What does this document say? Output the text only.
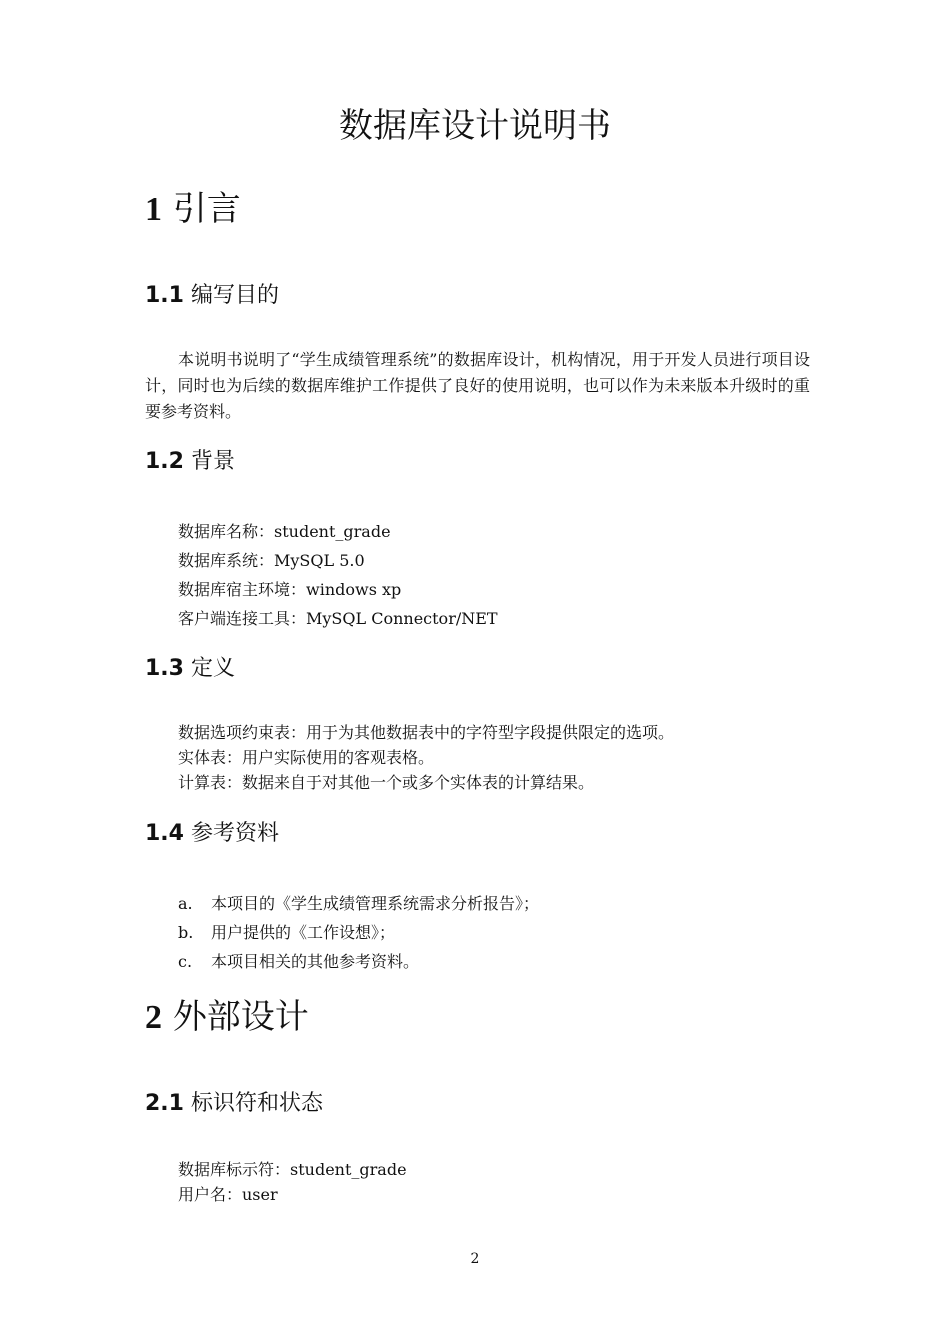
数据库设计说明书
1 引言
1.1 编写目的
本说明书说明了“学生成绩管理系统”的数据库设计，机构情况，用于开发人员进行项目设计，同时也为后续的数据库维护工作提供了良好的使用说明，也可以作为未来版本升级时的重要参考资料。
1.2 背景
数据库名称：student_grade
数据库系统：MySQL 5.0
数据库宿主环境：windows xp
客户端连接工具：MySQL Connector/NET
1.3 定义
数据选项约束表：用于为其他数据表中的字符型字段提供限定的选项。
实体表：用户实际使用的客观表格。
计算表：数据来自于对其他一个或多个实体表的计算结果。
1.4 参考资料
a. 本项目的《学生成绩管理系统需求分析报告》；
b. 用户提供的《工作设想》；
c. 本项目相关的其他参考资料。
2 外部设计
2.1 标识符和状态
数据库标示符：student_grade
用户名：user
2
